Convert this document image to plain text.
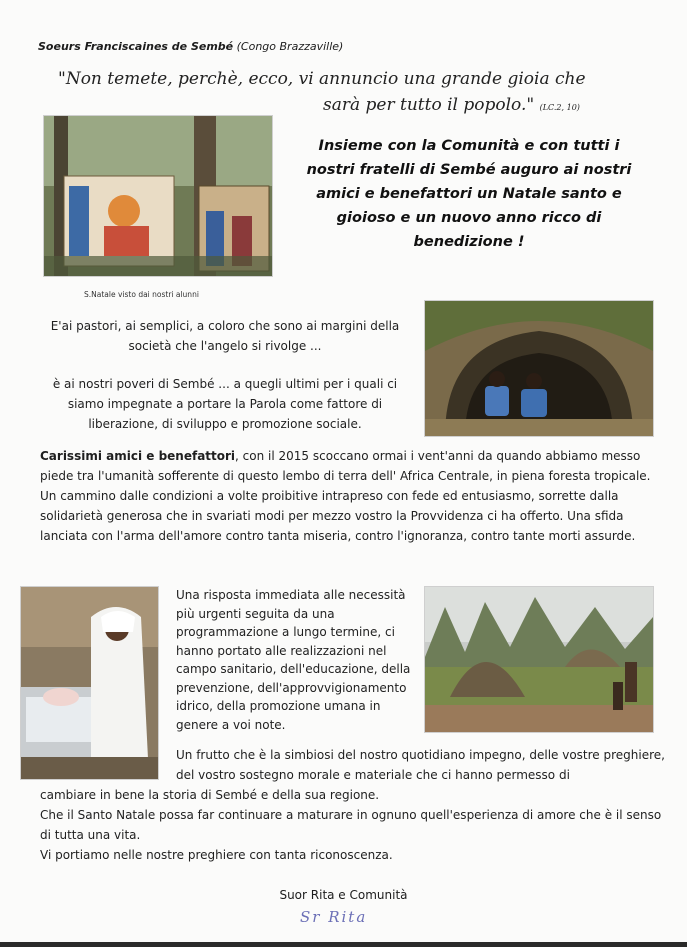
Soeurs Franciscaines de Sembé (Congo Brazzaville)
"Non temete, perchè, ecco, vi annuncio una grande gioia che
sarà per tutto il popolo." (LC.2, 10)
Insieme con la Comunità e con tutti i nostri fratelli di Sembé auguro ai nostri amici e benefattori un Natale santo e gioioso e un nuovo anno ricco di benedizione !
S.Natale visto dai nostri alunni
E'ai pastori, ai semplici, a coloro che sono ai margini della società che l'angelo si rivolge ...
è ai nostri poveri di Sembé ... a quegli ultimi per i quali ci siamo impegnate a portare la Parola come fattore di liberazione, di sviluppo e promozione sociale.
Carissimi amici e benefattori, con il 2015 scoccano ormai i vent'anni da quando abbiamo messo piede tra l'umanità sofferente di questo lembo di terra dell' Africa Centrale, in piena foresta tropicale. Un cammino dalle condizioni a volte proibitive intrapreso con fede ed entusiasmo, sorrette dalla solidarietà generosa che in svariati modi per mezzo vostro la Provvidenza ci ha offerto. Una sfida lanciata con l'arma dell'amore contro tanta miseria, contro l'ignoranza, contro tante morti assurde.
Una risposta immediata alle necessità più urgenti seguita da una programmazione a lungo termine, ci hanno portato alle realizzazioni nel campo sanitario, dell'educazione, della prevenzione, dell'approvvigionamento idrico, della promozione umana in genere a voi note.
Un frutto che è la simbiosi del nostro quotidiano impegno, delle vostre preghiere, del vostro sostegno morale e materiale che ci hanno permesso di
cambiare in bene la storia di Sembé e della sua regione.
Che il Santo Natale possa far continuare a maturare in ognuno quell'esperienza di amore che è il senso di tutta una vita.
Vi portiamo nelle nostre preghiere con tanta riconoscenza.
Suor Rita e Comunità
Sr Rita
